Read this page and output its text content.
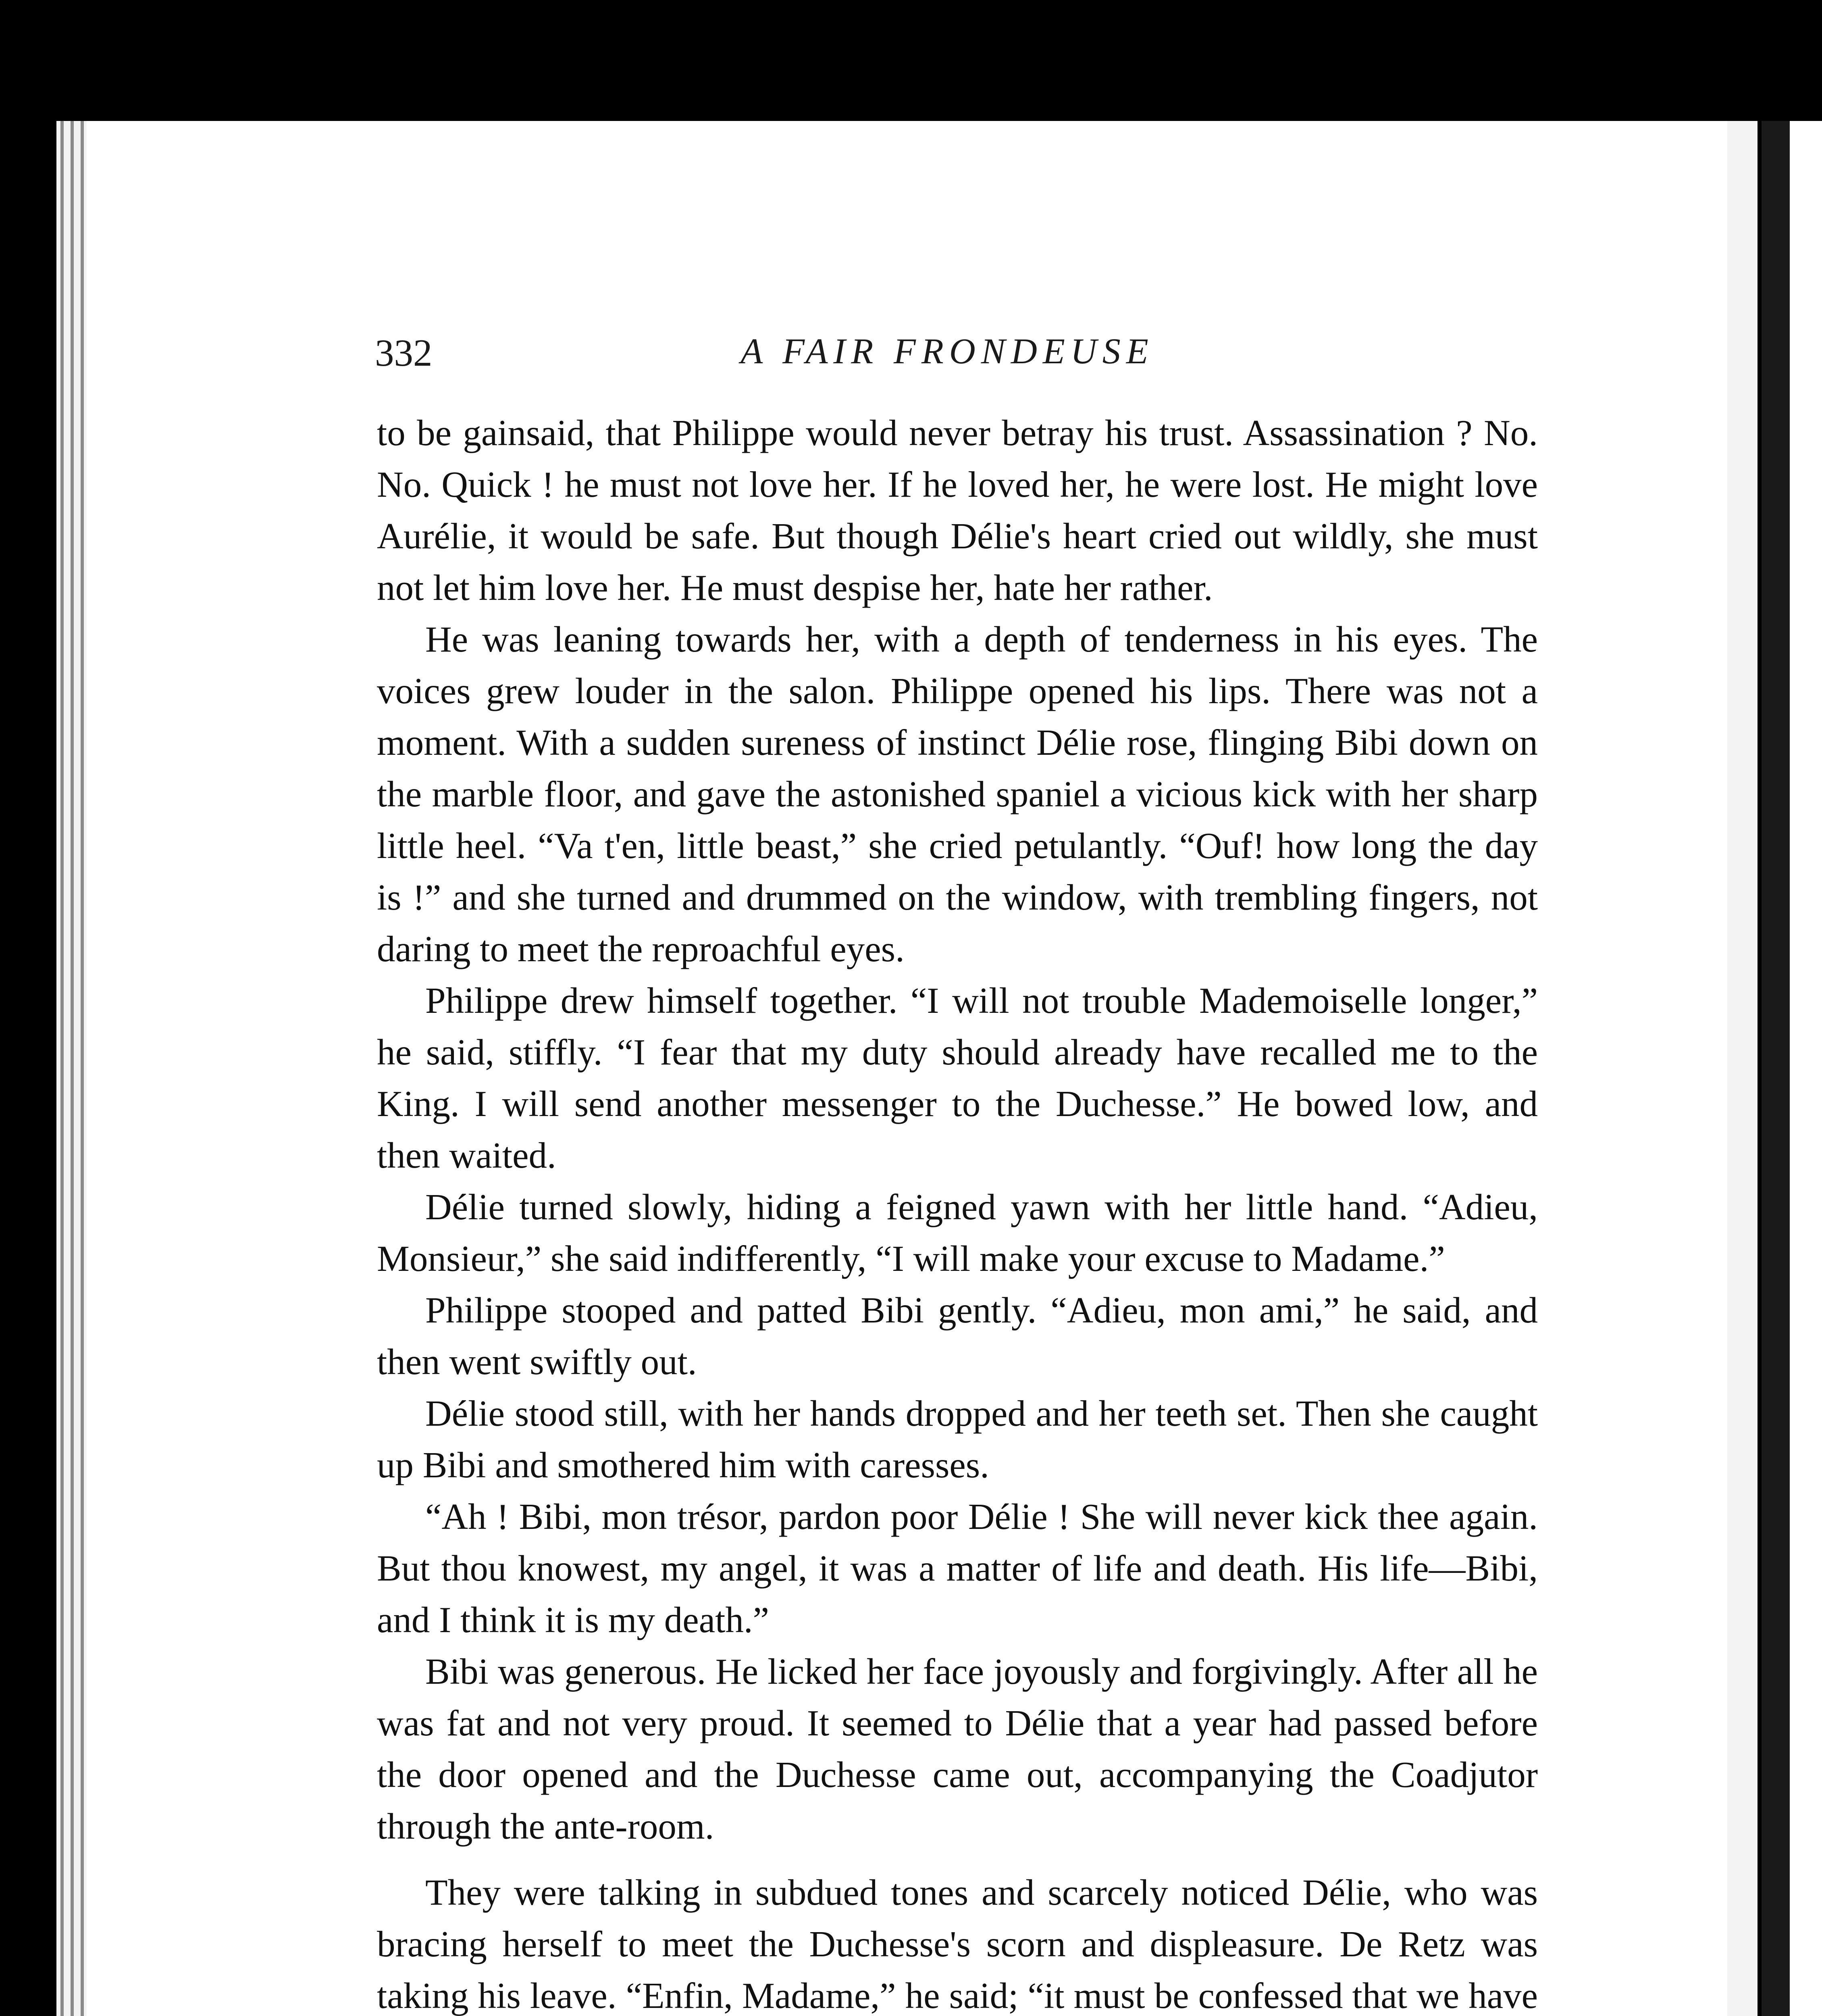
332	A FAIR FRONDEUSE

to be gainsaid, that Philippe would never betray his trust. Assassination ? No. No. Quick ! he must not love her. If he loved her, he were lost. He might love Aurélie, it would be safe. But though Délie's heart cried out wildly, she must not let him love her. He must despise her, hate her rather.

He was leaning towards her, with a depth of tenderness in his eyes. The voices grew louder in the salon. Philippe opened his lips. There was not a moment. With a sudden sureness of instinct Délie rose, flinging Bibi down on the marble floor, and gave the astonished spaniel a vicious kick with her sharp little heel. “Va t'en, little beast,” she cried petulantly. “Ouf! how long the day is !” and she turned and drummed on the window, with trembling fingers, not daring to meet the reproachful eyes.

Philippe drew himself together. “I will not trouble Mademoiselle longer,” he said, stiffly. “I fear that my duty should already have recalled me to the King. I will send another messenger to the Duchesse.” He bowed low, and then waited.

Délie turned slowly, hiding a feigned yawn with her little hand. “Adieu, Monsieur,” she said indifferently, “I will make your excuse to Madame.”

Philippe stooped and patted Bibi gently. “Adieu, mon ami,” he said, and then went swiftly out.

Délie stood still, with her hands dropped and her teeth set. Then she caught up Bibi and smothered him with caresses.

“Ah ! Bibi, mon trésor, pardon poor Délie ! She will never kick thee again. But thou knowest, my angel, it was a matter of life and death. His life—Bibi, and I think it is my death.”

Bibi was generous. He licked her face joyously and forgivingly. After all he was fat and not very proud. It seemed to Délie that a year had passed before the door opened and the Duchesse came out, accompanying the Coadjutor through the ante-room.

They were talking in subdued tones and scarcely noticed Délie, who was bracing herself to meet the Duchesse's scorn and displeasure. De Retz was taking his leave. “Enfin, Madame,” he said; “it must be confessed that we have
